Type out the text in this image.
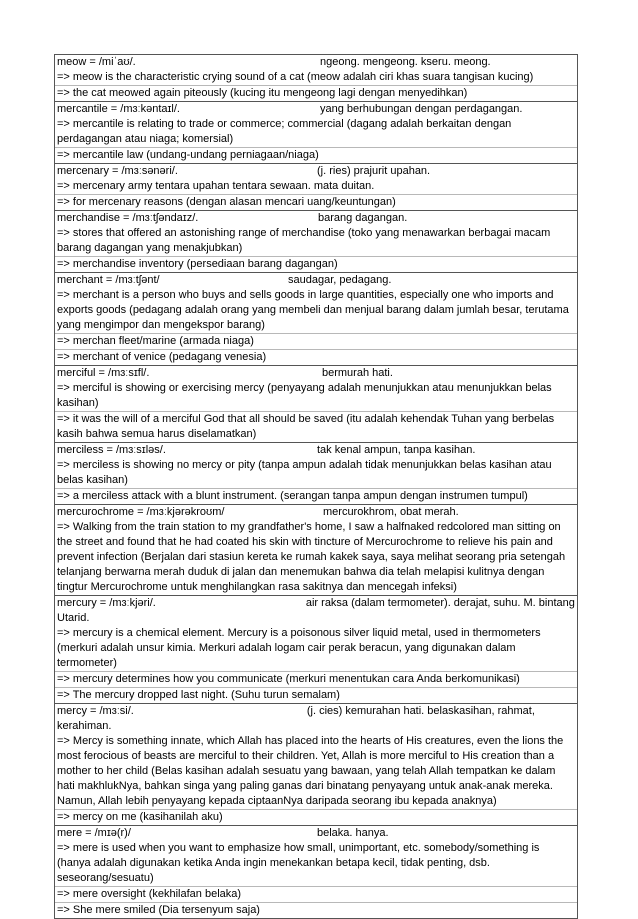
meow = /miˈaʊ/.	ngeong. mengeong. kseru. meong.
=> meow is the characteristic crying sound of a cat (meow adalah ciri khas suara tangisan kucing)
=> the cat meowed again piteously (kucing itu mengeong lagi dengan menyedihkan)
mercantile = /mɜːkəntaɪl/.	yang berhubungan dengan perdagangan.
=> mercantile is relating to trade or commerce; commercial (dagang adalah berkaitan dengan perdagangan atau niaga; komersial)
=> mercantile law (undang-undang perniagaan/niaga)
mercenary = /mɜːsənəri/.	(j. ries) prajurit upahan.
=> mercenary army tentara upahan tentara sewaan. mata duitan.
=> for mercenary reasons (dengan alasan mencari uang/keuntungan)
merchandise = /mɜːtʃəndaɪz/.	barang dagangan.
=> stores that offered an astonishing range of merchandise (toko yang menawarkan berbagai macam barang dagangan yang menakjubkan)
=> merchandise inventory (persediaan barang dagangan)
merchant = /mɜːtʃənt/	saudagar, pedagang.
=> merchant is a person who buys and sells goods in large quantities, especially one who imports and exports goods (pedagang adalah orang yang membeli dan menjual barang dalam jumlah besar, terutama yang mengimpor dan mengekspor barang)
=> merchan fleet/marine (armada niaga)
=> merchant of venice (pedagang venesia)
merciful = /mɜːsɪfl/.	bermurah hati.
=> merciful is showing or exercising mercy (penyayang adalah menunjukkan atau menunjukkan belas kasihan)
=> it was the will of a merciful God that all should be saved (itu adalah kehendak Tuhan yang berbelas kasih bahwa semua harus diselamatkan)
merciless = /mɜːsɪləs/.	tak kenal ampun, tanpa kasihan.
=> merciless is showing no mercy or pity (tanpa ampun adalah tidak menunjukkan belas kasihan atau belas kasihan)
=> a merciless attack with a blunt instrument. (serangan tanpa ampun dengan instrumen tumpul)
mercurochrome = /mɜːkjərəkroʊm/	mercurokhrom, obat merah.
=> Walking from the train station to my grandfather's home, I saw a halfnaked redcolored man sitting on the street and found that he had coated his skin with tincture of Mercurochrome to relieve his pain and prevent infection (Berjalan dari stasiun kereta ke rumah kakek saya, saya melihat seorang pria setengah telanjang berwarna merah duduk di jalan dan menemukan bahwa dia telah melapisi kulitnya dengan tingtur Mercurochrome untuk menghilangkan rasa sakitnya dan mencegah infeksi)
mercury = /mɜːkjəri/.	air raksa (dalam termometer). derajat, suhu. M. bintang Utarid.
=> mercury is a chemical element. Mercury is a poisonous silver liquid metal, used in thermometers (merkuri adalah unsur kimia. Merkuri adalah logam cair perak beracun, yang digunakan dalam termometer)
=> mercury determines how you communicate (merkuri menentukan cara Anda berkomunikasi)
=> The mercury dropped last night. (Suhu turun semalam)
mercy = /mɜːsi/.	(j. cies) kemurahan hati. belaskasihan, rahmat, kerahiman.
=> Mercy is something innate, which Allah has placed into the hearts of His creatures, even the lions the most ferocious of beasts are merciful to their children. Yet, Allah is more merciful to His creation than a mother to her child (Belas kasihan adalah sesuatu yang bawaan, yang telah Allah tempatkan ke dalam hati makhlukNya, bahkan singa yang paling ganas dari binatang penyayang untuk anak-anak mereka. Namun, Allah lebih penyayang kepada ciptaanNya daripada seorang ibu kepada anaknya)
=> mercy on me (kasihanilah aku)
mere = /mɪə(r)/	belaka. hanya.
=> mere is used when you want to emphasize how small, unimportant, etc. somebody/something is (hanya adalah digunakan ketika Anda ingin menekankan betapa kecil, tidak penting, dsb. seseorang/sesuatu)
=> mere oversight (kekhilafan belaka)
=> She mere smiled (Dia tersenyum saja)
